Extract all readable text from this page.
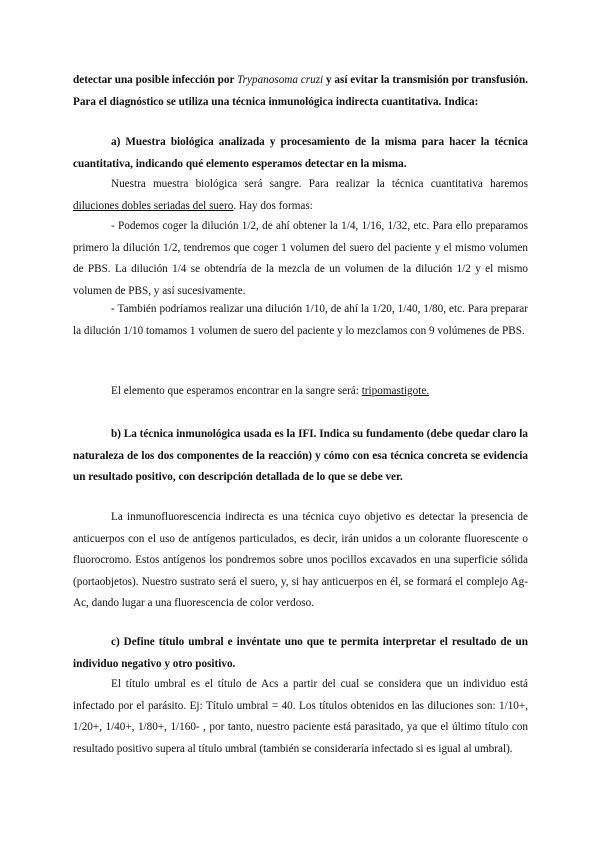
detectar una posible infección por Trypanosoma cruzi y así evitar la transmisión por transfusión. Para el diagnóstico se utiliza una técnica inmunológica indirecta cuantitativa. Indica:

a) Muestra biológica analizada y procesamiento de la misma para hacer la técnica cuantitativa, indicando qué elemento esperamos detectar en la misma.

Nuestra muestra biológica será sangre. Para realizar la técnica cuantitativa haremos diluciones dobles seriadas del suero. Hay dos formas:

- Podemos coger la dilución 1/2, de ahí obtener la 1/4, 1/16, 1/32, etc. Para ello preparamos primero la dilución 1/2, tendremos que coger 1 volumen del suero del paciente y el mismo volumen de PBS. La dilución 1/4 se obtendría de la mezcla de un volumen de la dilución 1/2 y el mismo volumen de PBS, y así sucesivamente.

- También podríamos realizar una dilución 1/10, de ahí la 1/20, 1/40, 1/80, etc. Para preparar la dilución 1/10 tomamos 1 volumen de suero del paciente y lo mezclamos con 9 volúmenes de PBS.

El elemento que esperamos encontrar en la sangre será: tripomastigote.

b) La técnica inmunológica usada es la IFI. Indica su fundamento (debe quedar claro la naturaleza de los dos componentes de la reacción) y cómo con esa técnica concreta se evidencia un resultado positivo, con descripción detallada de lo que se debe ver.

La inmunofluorescencia indirecta es una técnica cuyo objetivo es detectar la presencia de anticuerpos con el uso de antígenos particulados, es decir, irán unidos a un colorante fluorescente o fluorocromo. Estos antígenos los pondremos sobre unos pocillos excavados en una superficie sólida (portaobjetos). Nuestro sustrato será el suero, y, si hay anticuerpos en él, se formará el complejo Ag-Ac, dando lugar a una fluorescencia de color verdoso.

c) Define título umbral e invéntate uno que te permita interpretar el resultado de un individuo negativo y otro positivo.

El título umbral es el título de Acs a partir del cual se considera que un individuo está infectado por el parásito. Ej: Título umbral = 40. Los títulos obtenidos en las diluciones son: 1/10+, 1/20+, 1/40+, 1/80+, 1/160- , por tanto, nuestro paciente está parasitado, ya que el último título con resultado positivo supera al título umbral (también se consideraría infectado si es igual al umbral).
